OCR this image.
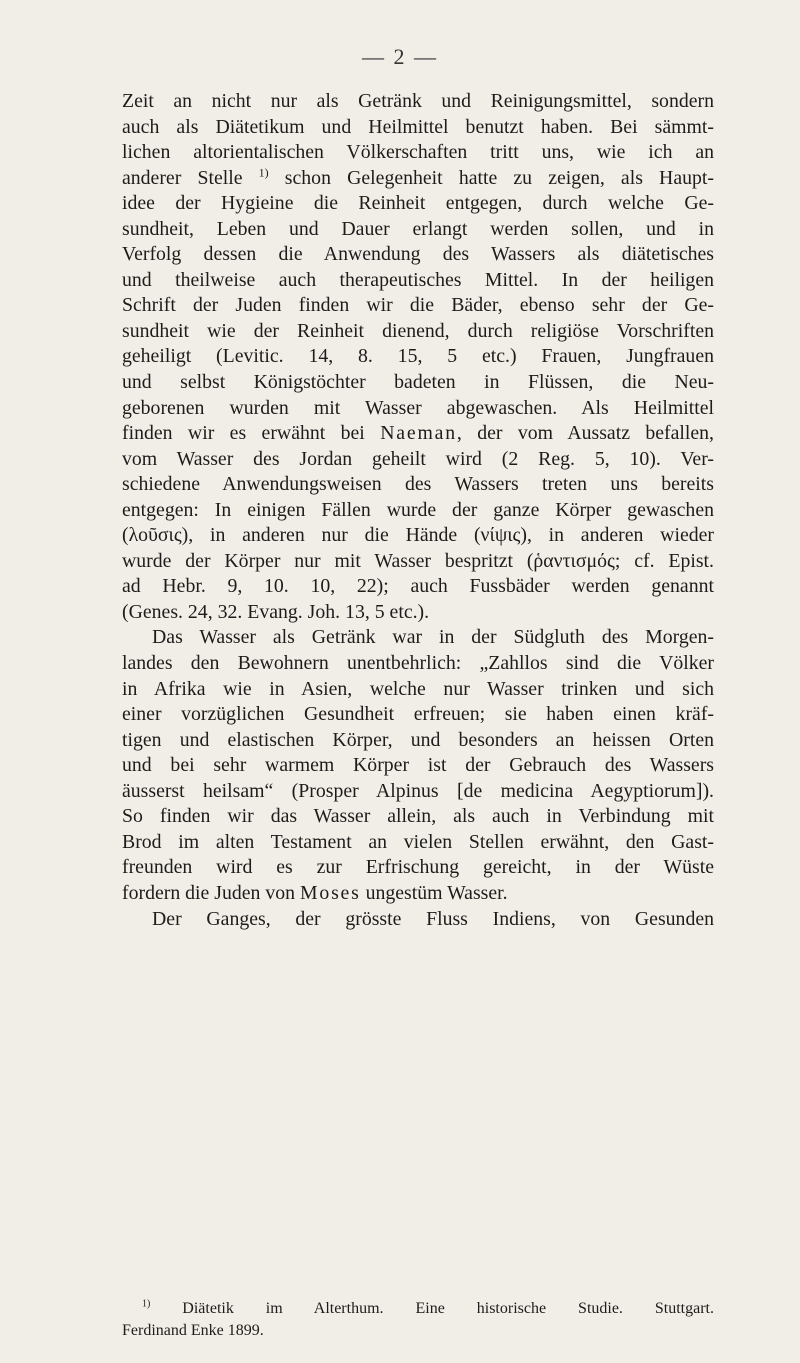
— 2 —
Zeit an nicht nur als Getränk und Reinigungsmittel, sondern
auch als Diätetikum und Heilmittel benutzt haben. Bei sämmt-
lichen altorientalischen Völkerschaften tritt uns, wie ich an
anderer Stelle $^{1)}$ schon Gelegenheit hatte zu zeigen, als Haupt-
idee der Hygieine die Reinheit entgegen, durch welche Ge-
sundheit, Leben und Dauer erlangt werden sollen, und in
Verfolg dessen die Anwendung des Wassers als diätetisches
und theilweise auch therapeutisches Mittel. In der heiligen
Schrift der Juden finden wir die Bäder, ebenso sehr der Ge-
sundheit wie der Reinheit dienend, durch religiöse Vorschriften
geheiligt (Levitic. 14, 8. 15, 5 etc.) Frauen, Jungfrauen
und selbst Königstöchter badeten in Flüssen, die Neu-
geborenen wurden mit Wasser abgewaschen. Als Heilmittel
finden wir es erwähnt bei Naeman, der vom Aussatz befallen,
vom Wasser des Jordan geheilt wird (2 Reg. 5, 10). Ver-
schiedene Anwendungsweisen des Wassers treten uns bereits
entgegen: In einigen Fällen wurde der ganze Körper gewaschen
(λοῦσις), in anderen nur die Hände (νίψις), in anderen wieder
wurde der Körper nur mit Wasser bespritzt (ῥαντισμός; cf. Epist.
ad Hebr. 9, 10. 10, 22); auch Fussbäder werden genannt
(Genes. 24, 32. Evang. Joh. 13, 5 etc.).
Das Wasser als Getränk war in der Südgluth des Morgen-
landes den Bewohnern unentbehrlich: „Zahllos sind die Völker
in Afrika wie in Asien, welche nur Wasser trinken und sich
einer vorzüglichen Gesundheit erfreuen; sie haben einen kräf-
tigen und elastischen Körper, und besonders an heissen Orten
und bei sehr warmem Körper ist der Gebrauch des Wassers
äusserst heilsam“ (Prosper Alpinus [de medicina Aegyptiorum]).
So finden wir das Wasser allein, als auch in Verbindung mit
Brod im alten Testament an vielen Stellen erwähnt, den Gast-
freunden wird es zur Erfrischung gereicht, in der Wüste
fordern die Juden von Moses ungestüm Wasser.
Der Ganges, der grösste Fluss Indiens, von Gesunden
$^{1)}$ Diätetik im Alterthum. Eine historische Studie. Stuttgart.
Ferdinand Enke 1899.
